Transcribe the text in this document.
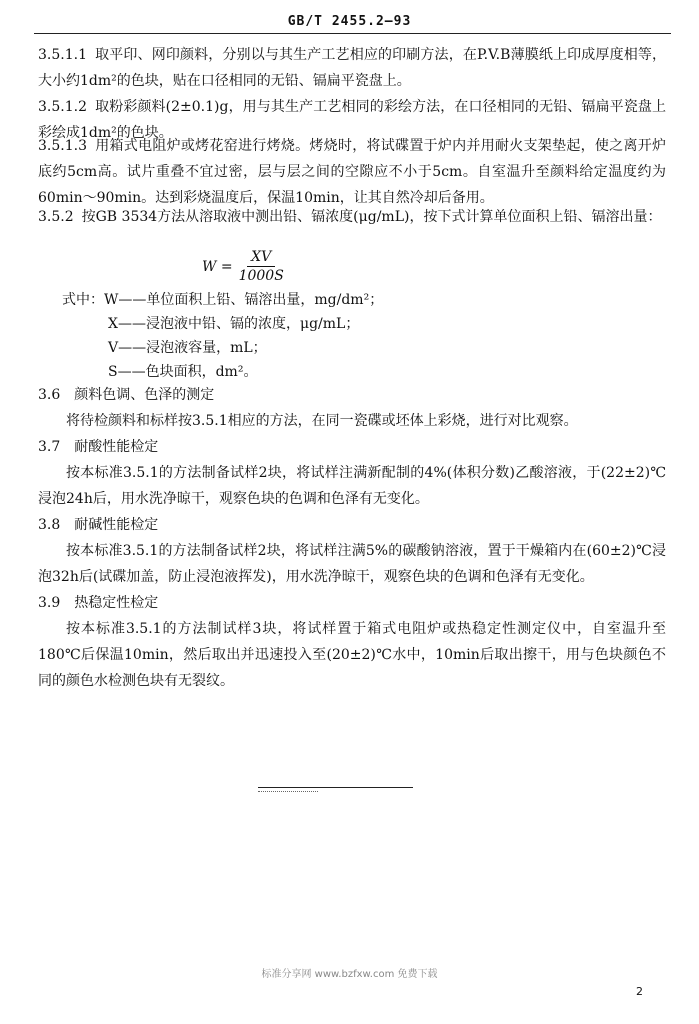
GB/T 2455.2—93

3.5.1.1 取平印、网印颜料，分别以与其生产工艺相应的印刷方法，在P.V.B薄膜纸上印成厚度相等，大小约1dm²的色块，贴在口径相同的无铅、镉扁平瓷盘上。

3.5.1.2 取粉彩颜料(2±0.1)g，用与其生产工艺相同的彩绘方法，在口径相同的无铅、镉扁平瓷盘上彩绘成1dm²的色块。

3.5.1.3 用箱式电阻炉或烤花窑进行烤烧。烤烧时，将试碟置于炉内并用耐火支架垫起，使之离开炉底约5cm高。试片重叠不宜过密，层与层之间的空隙应不小于5cm。自室温升至颜料给定温度约为60min～90min。达到彩烧温度后，保温10min，让其自然冷却后备用。

3.5.2 按GB 3534方法从溶取液中测出铅、镉浓度(μg/mL)，按下式计算单位面积上铅、镉溶出量：

$W = \frac{XV}{1000S}$
式中：W——单位面积上铅、镉溶出量，mg/dm²；
X——浸泡液中铅、镉的浓度，μg/mL；
V——浸泡液容量，mL；
S——色块面积，dm²。

3.6 颜料色调、色泽的测定

将待检颜料和标样按3.5.1相应的方法，在同一瓷碟或坯体上彩烧，进行对比观察。

3.7 耐酸性能检定

按本标准3.5.1的方法制备试样2块，将试样注满新配制的4%(体积分数)乙酸溶液，于(22±2)℃浸泡24h后，用水洗净晾干，观察色块的色调和色泽有无变化。

3.8 耐碱性能检定

按本标准3.5.1的方法制备试样2块，将试样注满5%的碳酸钠溶液，置于干燥箱内在(60±2)℃浸泡32h后(试碟加盖，防止浸泡液挥发)，用水洗净晾干，观察色块的色调和色泽有无变化。

3.9 热稳定性检定

按本标准3.5.1的方法制试样3块，将试样置于箱式电阻炉或热稳定性测定仪中，自室温升至180℃后保温10min，然后取出并迅速投入至(20±2)℃水中，10min后取出擦干，用与色块颜色不同的颜色水检测色块有无裂纹。

标准分享网 www.bzfxw.com 免费下载
2
